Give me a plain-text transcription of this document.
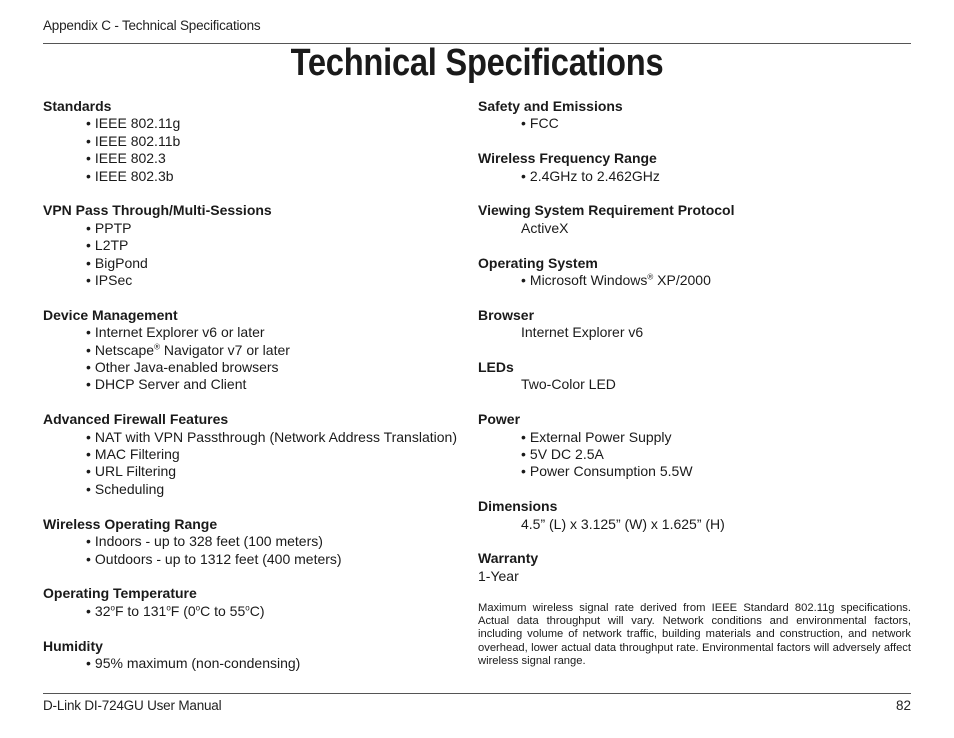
Appendix C - Technical Specifications
Technical Specifications
Standards
• IEEE 802.11g
• IEEE 802.11b
• IEEE 802.3
• IEEE 802.3b
VPN Pass Through/Multi-Sessions
• PPTP
• L2TP
• BigPond
• IPSec
Device Management
• Internet Explorer v6 or later
• Netscape® Navigator v7 or later
• Other Java-enabled browsers
• DHCP Server and Client
Advanced Firewall Features
• NAT with VPN Passthrough (Network Address Translation)
• MAC Filtering
• URL Filtering
• Scheduling
Wireless Operating Range
• Indoors - up to 328 feet (100 meters)
• Outdoors - up to 1312 feet (400 meters)
Operating Temperature
• 32$^o$F to 131$^o$F (0$^o$C to 55$^o$C)
Humidity
• 95% maximum (non-condensing)
Safety and Emissions
• FCC
Wireless Frequency Range
• 2.4GHz to 2.462GHz
Viewing System Requirement Protocol
ActiveX
Operating System
• Microsoft Windows® XP/2000
Browser
Internet Explorer v6
LEDs
Two-Color LED
Power
• External Power Supply
• 5V DC 2.5A
• Power Consumption 5.5W
Dimensions
4.5” (L) x 3.125” (W) x 1.625” (H)
Warranty
1-Year
Maximum wireless signal rate derived from IEEE Standard 802.11g specifications. Actual data throughput will vary. Network conditions and environmental factors, including volume of network traffic, building materials and construction, and network overhead, lower actual data throughput rate. Environmental factors will adversely affect wireless signal range.
D-Link DI-724GU User Manual	82
